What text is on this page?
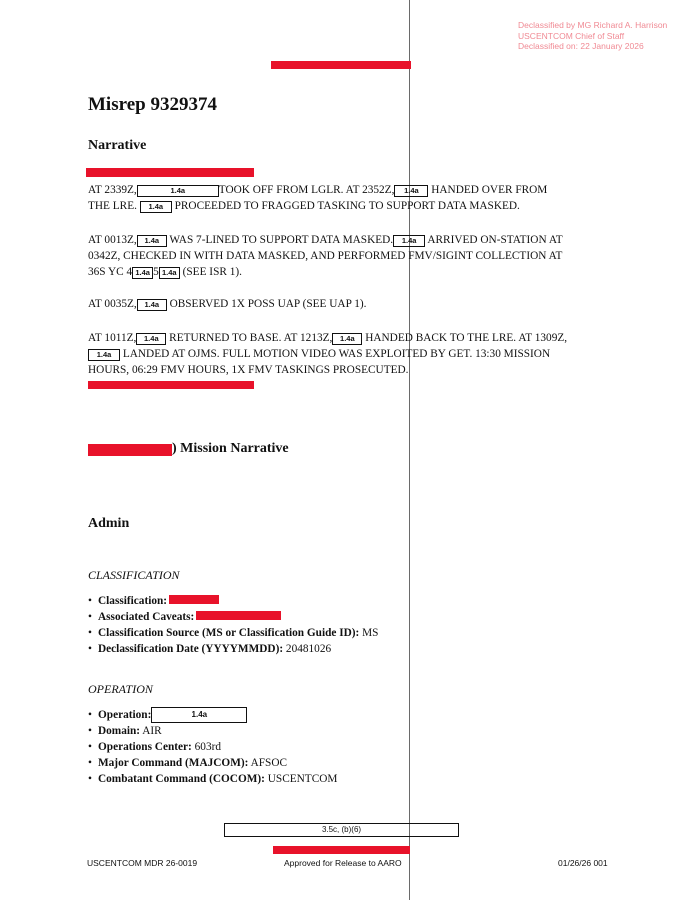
Declassified by MG Richard A. Harrison
USCENTCOM Chief of Staff
Declassified on: 22 January 2026
Misrep 9329374
Narrative
AT 2339Z,	1.4a	TOOK OFF FROM LGLR. AT 2352Z, 1.4a HANDED OVER FROM
THE LRE. 1.4a PROCEEDED TO FRAGGED TASKING TO SUPPORT DATA MASKED.
AT 0013Z, 1.4a WAS 7-LINED TO SUPPORT DATA MASKED. 1.4a ARRIVED ON-STATION AT
0342Z, CHECKED IN WITH DATA MASKED, AND PERFORMED FMV/SIGINT COLLECTION AT
36S YC 4 1.4a 5 1.4a (SEE ISR 1).
AT 0035Z, 1.4a OBSERVED 1X POSS UAP (SEE UAP 1).
AT 1011Z, 1.4a RETURNED TO BASE. AT 1213Z, 1.4a HANDED BACK TO THE LRE. AT 1309Z,
1.4a LANDED AT OJMS. FULL MOTION VIDEO WAS EXPLOITED BY GET. 13:30 MISSION
HOURS, 06:29 FMV HOURS, 1X FMV TASKINGS PROSECUTED.
) Mission Narrative
Admin
CLASSIFICATION
• Classification:
• Associated Caveats:
• Classification Source (MS or Classification Guide ID): MS
• Declassification Date (YYYYMMDD): 20481026
OPERATION
• Operation:	1.4a
• Domain: AIR
• Operations Center: 603rd
• Major Command (MAJCOM): AFSOC
• Combatant Command (COCOM): USCENTCOM
3.5c, (b)(6)
USCENTCOM MDR 26-0019	Approved for Release to AARO	01/26/26 001
